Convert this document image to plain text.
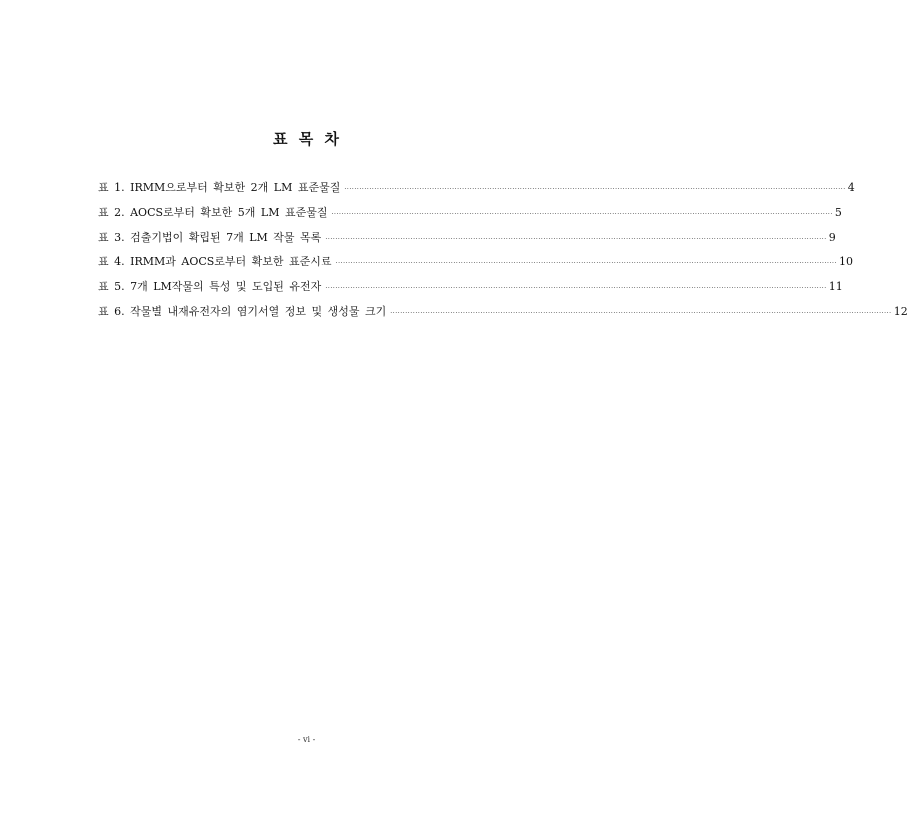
표 목 차
표 1. IRMM으로부터 확보한 2개 LM 표준물질 ········································································································································································································ 4
표 2. AOCS로부터 확보한 5개 LM 표준물질 ········································································································································································································ 5
표 3. 검출기법이 확립된 7개 LM 작물 목록 ········································································································································································································ 9
표 4. IRMM과 AOCS로부터 확보한 표준시료 ········································································································································································································ 10
표 5. 7개 LM작물의 특성 및 도입된 유전자 ········································································································································································································ 11
표 6. 작물별 내재유전자의 염기서열 정보 및 생성물 크기 ········································································································································································································ 12
- vi -
